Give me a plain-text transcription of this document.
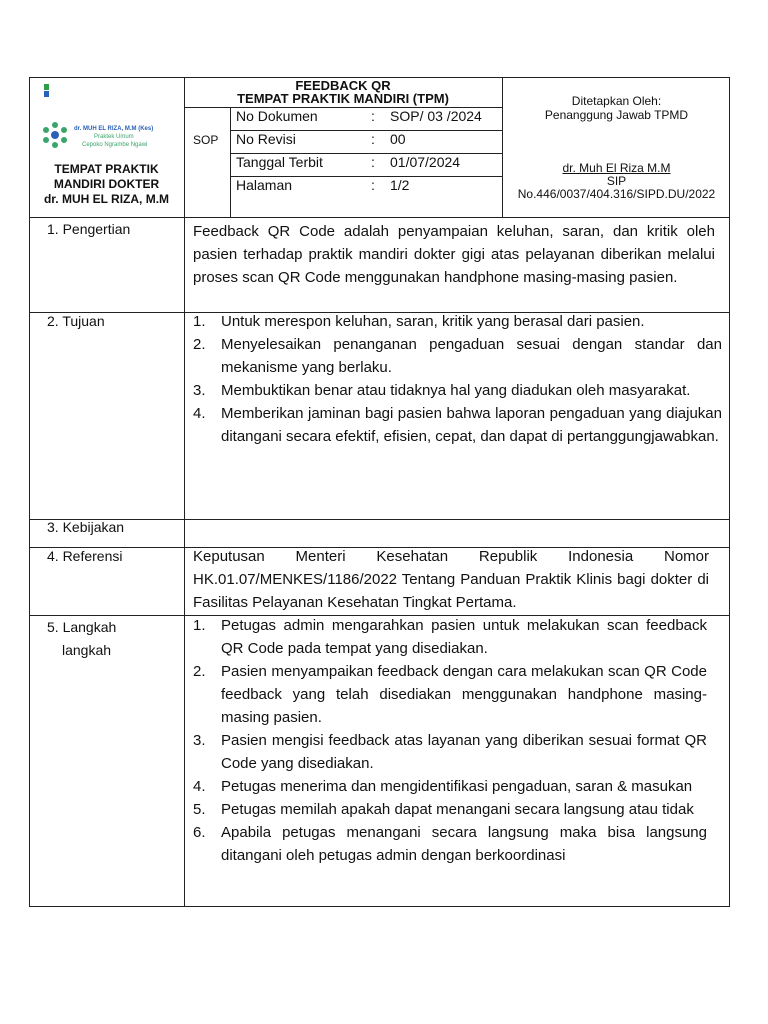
dr. MUH EL RIZA, M.M (Kes)
Praktek Umum
Cepoko Ngrambe Ngawi
TEMPAT PRAKTIK
MANDIRI DOKTER
dr. MUH EL RIZA, M.M
FEEDBACK QR
TEMPAT PRAKTIK MANDIRI (TPM)
SOP
No Dokumen	: SOP/ 03 /2024
No Revisi	: 00
Tanggal Terbit	: 01/07/2024
Halaman	: 1/2
Ditetapkan Oleh:
Penanggung Jawab TPMD
dr. Muh El Riza M.M
SIP
No.446/0037/404.316/SIPD.DU/2022
1. Pengertian	Feedback QR Code adalah penyampaian keluhan, saran, dan kritik oleh pasien terhadap praktik mandiri dokter gigi atas pelayanan diberikan melalui proses scan QR Code menggunakan handphone masing-masing pasien.
2. Tujuan	1. Untuk merespon keluhan, saran, kritik yang berasal dari pasien.
2. Menyelesaikan penanganan pengaduan sesuai dengan standar dan mekanisme yang berlaku.
3. Membuktikan benar atau tidaknya hal yang diadukan oleh masyarakat.
4. Memberikan jaminan bagi pasien bahwa laporan pengaduan yang diajukan ditangani secara efektif, efisien, cepat, dan dapat di pertanggungjawabkan.
3. Kebijakan
4. Referensi	Keputusan Menteri Kesehatan Republik Indonesia Nomor HK.01.07/MENKES/1186/2022 Tentang Panduan Praktik Klinis bagi dokter di Fasilitas Pelayanan Kesehatan Tingkat Pertama.
5. Langkah
langkah
1. Petugas admin mengarahkan pasien untuk melakukan scan feedback QR Code pada tempat yang disediakan.
2. Pasien menyampaikan feedback dengan cara melakukan scan QR Code feedback yang telah disediakan menggunakan handphone masing-masing pasien.
3. Pasien mengisi feedback atas layanan yang diberikan sesuai format QR Code yang disediakan.
4. Petugas menerima dan mengidentifikasi pengaduan, saran & masukan
5. Petugas memilah apakah dapat menangani secara langsung atau tidak
6. Apabila petugas menangani secara langsung maka bisa langsung ditangani oleh petugas admin dengan berkoordinasi
